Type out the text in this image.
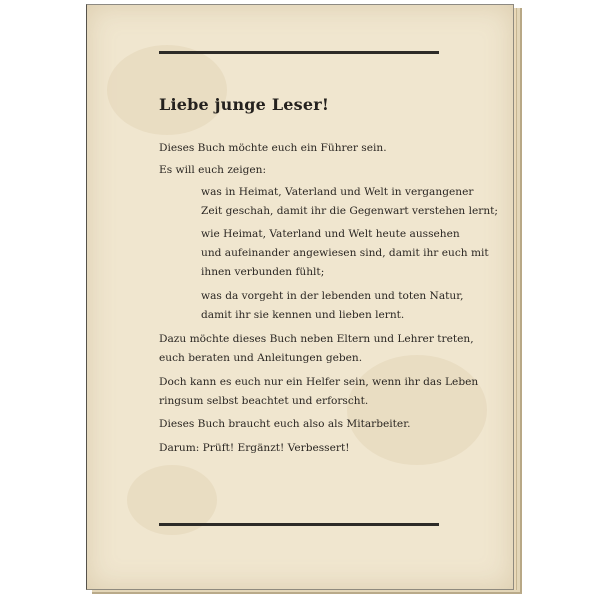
Liebe junge Leser!
Dieses Buch möchte euch ein Führer sein.
Es will euch zeigen:
was in Heimat, Vaterland und Welt in vergangener
Zeit geschah, damit ihr die Gegenwart verstehen lernt;
wie Heimat, Vaterland und Welt heute aussehen
und aufeinander angewiesen sind, damit ihr euch mit
ihnen verbunden fühlt;
was da vorgeht in der lebenden und toten Natur,
damit ihr sie kennen und lieben lernt.
Dazu möchte dieses Buch neben Eltern und Lehrer treten,
euch beraten und Anleitungen geben.
Doch kann es euch nur ein Helfer sein, wenn ihr das Leben
ringsum selbst beachtet und erforscht.
Dieses Buch braucht euch also als Mitarbeiter.
Darum: Prüft! Ergänzt! Verbessert!
